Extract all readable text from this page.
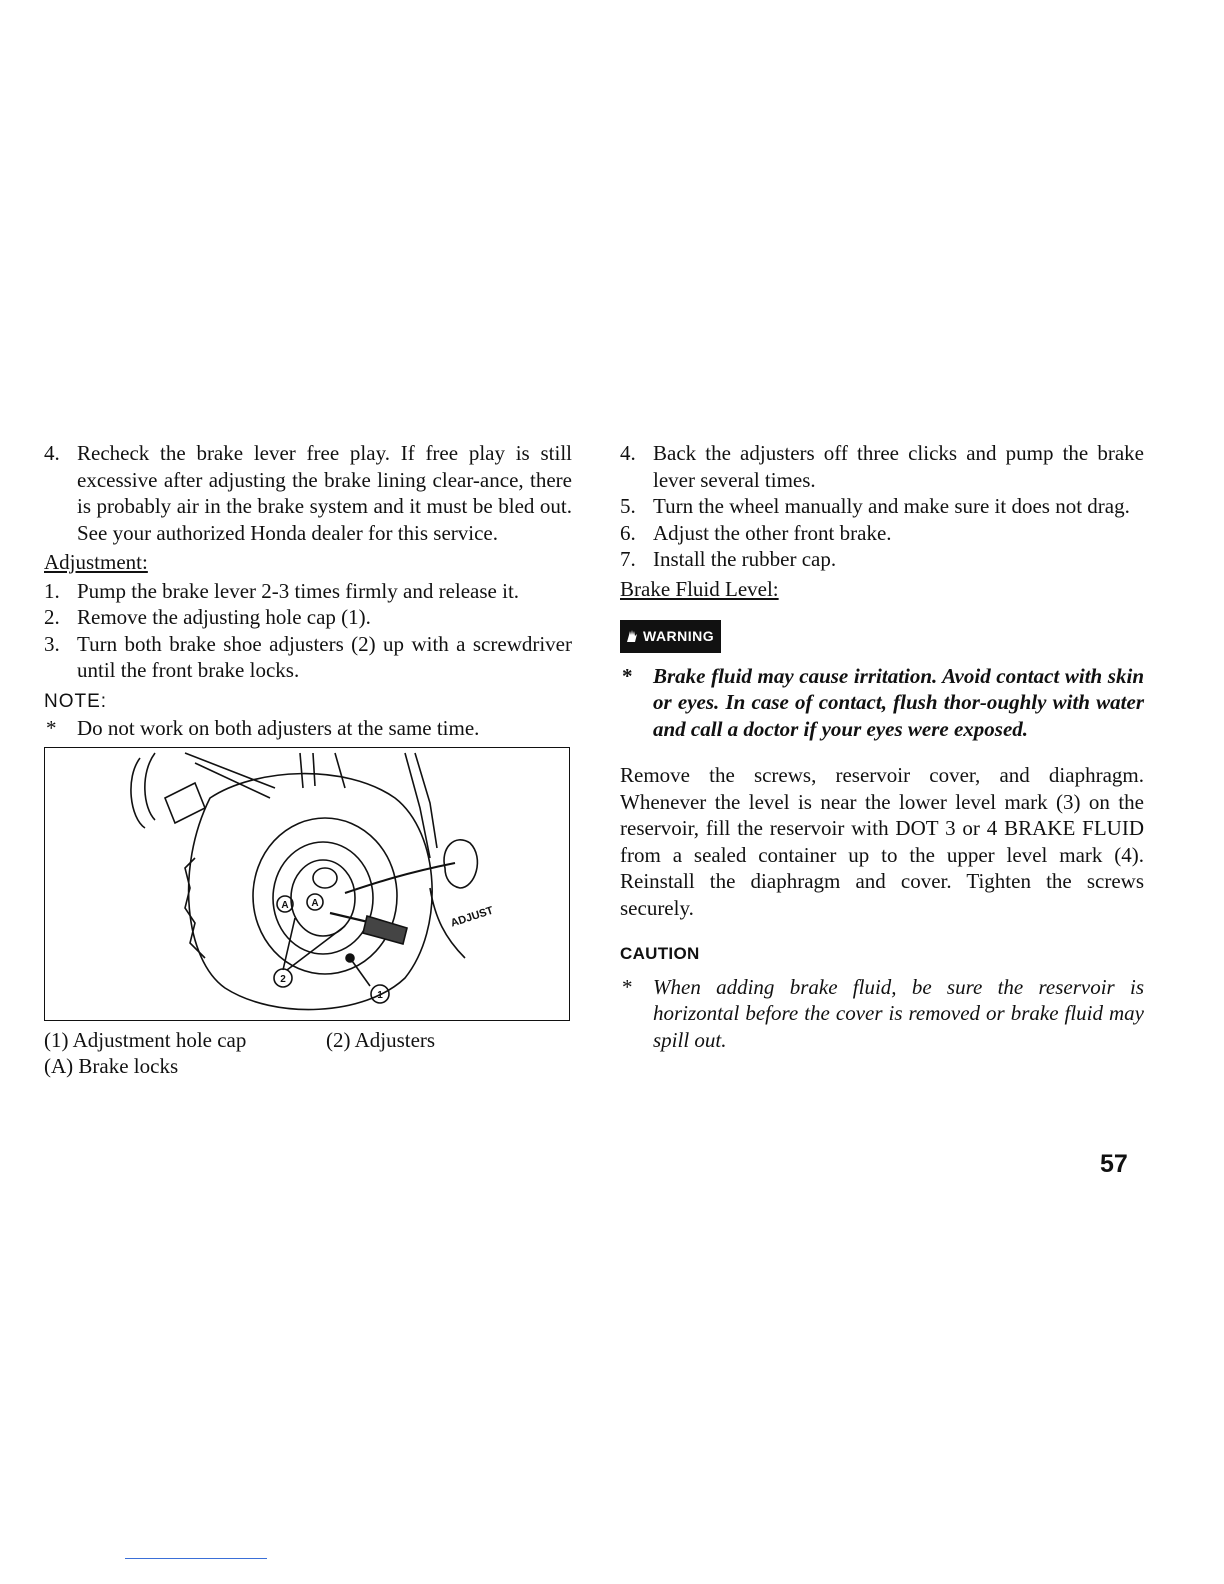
4. Recheck the brake lever free play. If free play is still excessive after adjusting the brake lining clear-ance, there is probably air in the brake system and it must be bled out. See your authorized Honda dealer for this service.
Adjustment:
1. Pump the brake lever 2-3 times firmly and release it.
2. Remove the adjusting hole cap (1).
3. Turn both brake shoe adjusters (2) up with a screwdriver until the front brake locks.
NOTE:
* Do not work on both adjusters at the same time.
A A
2
1
ADJUST
(1) Adjustment hole cap	(2) Adjusters
(A) Brake locks
4. Back the adjusters off three clicks and pump the brake lever several times.
5. Turn the wheel manually and make sure it does not drag.
6. Adjust the other front brake.
7. Install the rubber cap.
Brake Fluid Level:
WARNING
* Brake fluid may cause irritation. Avoid contact with skin or eyes. In case of contact, flush thor-oughly with water and call a doctor if your eyes were exposed.
Remove the screws, reservoir cover, and diaphragm. Whenever the level is near the lower level mark (3) on the reservoir, fill the reservoir with DOT 3 or 4 BRAKE FLUID from a sealed container up to the upper level mark (4). Reinstall the diaphragm and cover. Tighten the screws securely.
CAUTION
* When adding brake fluid, be sure the reservoir is horizontal before the cover is removed or brake fluid may spill out.
57
